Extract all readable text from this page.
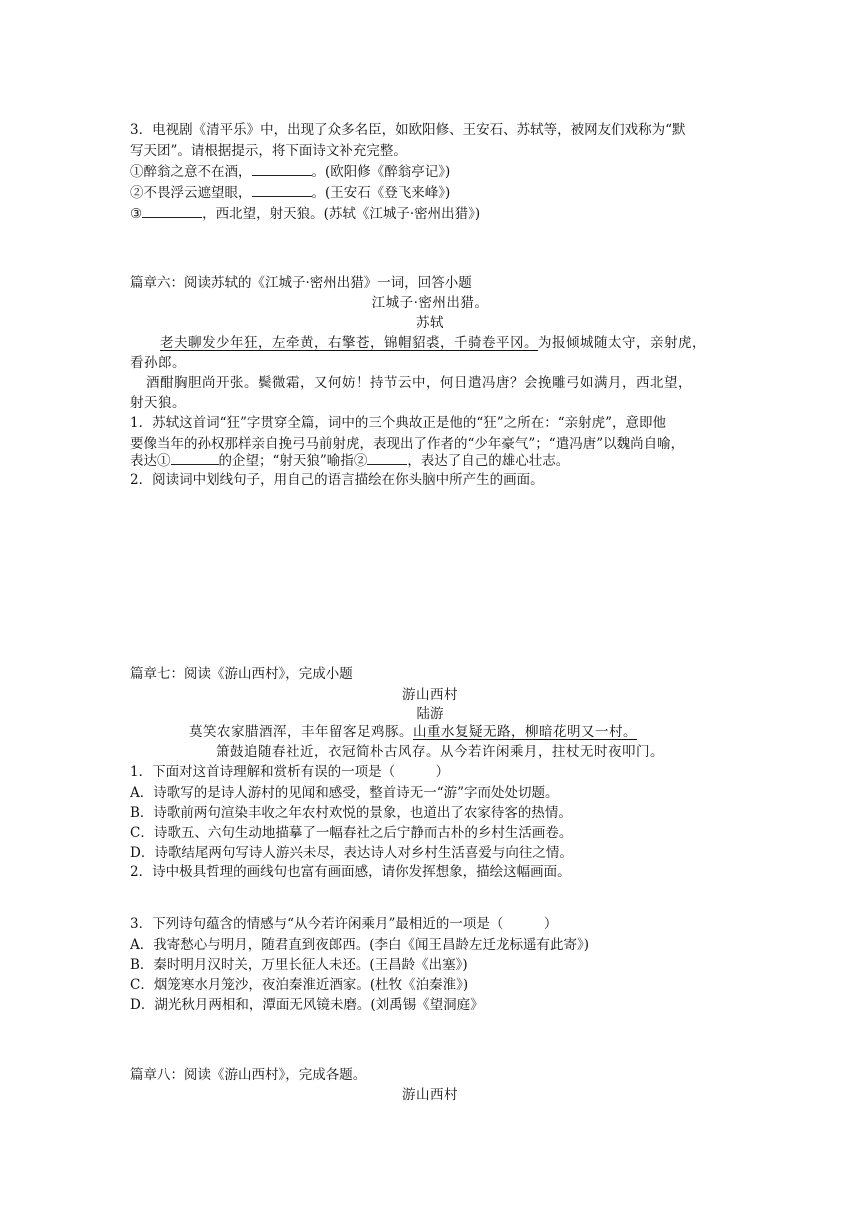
3．电视剧《清平乐》中，出现了众多名臣，如欧阳修、王安石、苏轼等，被网友们戏称为“默
写天团”。请根据提示，将下面诗文补充完整。
①醉翁之意不在酒，	。(欧阳修《醉翁亭记》)
②不畏浮云遮望眼，	。(王安石《登飞来峰》)
③	，西北望，射天狼。(苏轼《江城子·密州出猎》)
篇章六：阅读苏轼的《江城子·密州出猎》一词，回答小题
江城子·密州出猎。
苏轼
老夫聊发少年狂，左牵黄，右擎苍，锦帽貂裘，千骑卷平冈。为报倾城随太守，亲射虎，
看孙郎。
酒酣胸胆尚开张。鬓微霜，又何妨！持节云中，何日遣冯唐？会挽雕弓如满月，西北望，
射天狼。
1．苏轼这首词“狂”字贯穿全篇，词中的三个典故正是他的“狂”之所在：“亲射虎”，意即他
要像当年的孙权那样亲自挽弓马前射虎，表现出了作者的“少年豪气”；“遣冯唐”以魏尚自喻，
表达①	的企望；“射天狼”喻指②	，表达了自己的雄心壮志。
2．阅读词中划线句子，用自己的语言描绘在你头脑中所产生的画面。
篇章七：阅读《游山西村》，完成小题
游山西村
陆游
莫笑农家腊酒浑，丰年留客足鸡豚。山重水复疑无路，柳暗花明又一村。
箫鼓追随春社近，衣冠简朴古风存。从今若许闲乘月，拄杖无时夜叩门。
1．下面对这首诗理解和赏析有误的一项是（　　　）
A．诗歌写的是诗人游村的见闻和感受，整首诗无一“游”字而处处切题。
B．诗歌前两句渲染丰收之年农村欢悦的景象，也道出了农家待客的热情。
C．诗歌五、六句生动地描摹了一幅春社之后宁静而古朴的乡村生活画卷。
D．诗歌结尾两句写诗人游兴未尽，表达诗人对乡村生活喜爱与向往之情。
2．诗中极具哲理的画线句也富有画面感，请你发挥想象，描绘这幅画面。
3．下列诗句蕴含的情感与“从今若许闲乘月”最相近的一项是（　　　）
A．我寄愁心与明月，随君直到夜郎西。(李白《闻王昌龄左迁龙标遥有此寄》)
B．秦时明月汉时关，万里长征人未还。(王昌龄《出塞》)
C．烟笼寒水月笼沙，夜泊秦淮近酒家。(杜牧《泊秦淮》)
D．湖光秋月两相和，潭面无风镜未磨。(刘禹锡《望洞庭》
篇章八：阅读《游山西村》，完成各题。
游山西村
